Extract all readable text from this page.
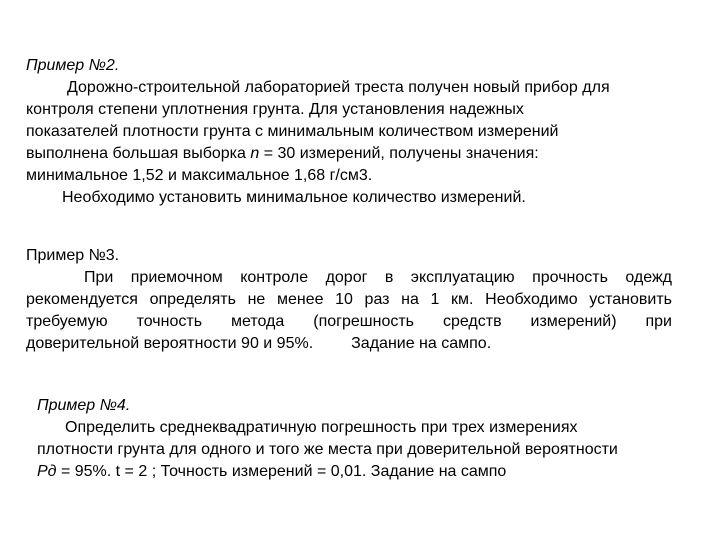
Пример №2.
Дорожно-строительной лабораторией треста получен новый прибор для
контроля степени уплотнения грунта. Для установления надежных
показателей плотности грунта с минимальным количеством измерений
выполнена большая выборка n = 30 измерений, получены значения:
минимальное 1,52 и максимальное 1,68 г/см3.
Необходимо установить минимальное количество измерений.
Пример №3.
При приемочном контроле дорог в эксплуатацию прочность одежд
рекомендуется определять не менее 10 раз на 1 км. Необходимо установить
требуемую точность метода (погрешность средств измерений) при
доверительной вероятности 90 и 95%. Задание на сампо.
Пример №4.
Определить среднеквадратичную погрешность при трех измерениях
плотности грунта для одного и того же места при доверительной вероятности
Pд = 95%. t = 2 ; Точность измерений = 0,01. Задание на сампо
